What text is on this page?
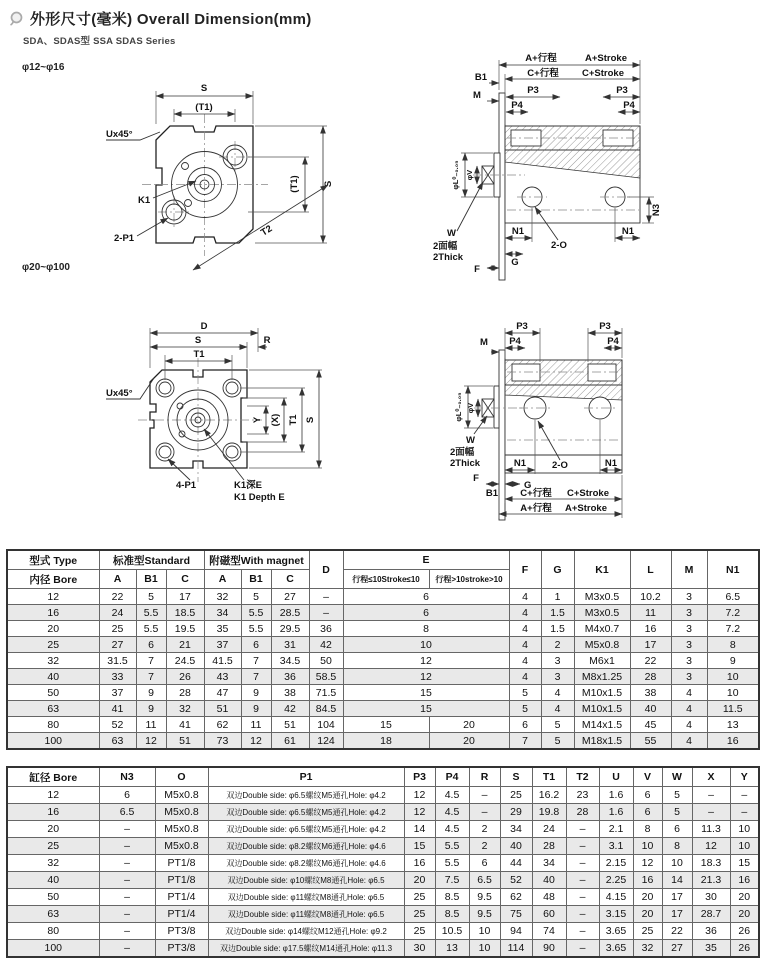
外形尺寸(毫米) Overall Dimension(mm)
SDA、SDAS型 SSA SDAS Series
φ12~φ16
φ20~φ100
S
(T1)
S
(T1)
T2
Ux45°
K1
2-P1
A+行程	A+Stroke
C+行程 C+Stroke
B1
M	P3	P3
P4	P4
φL⁰₋₀.₀₅ φV
N3
N1	N1
2-O
G
F
W
2面幅
2Thick
D
S
T1
R
Y (X) T1 S
Ux45°
4-P1	K1深E
K1 Depth E
P3	P3
P4	P4
M
φL⁰₋₀.₀₅ φV
W
2面幅
2Thick	N1	N1
2-O
F
G
B1 C+行程 C+Stroke
A+行程 A+Stroke
型式 Type	标准型Standard			附磁型With magnet			D	E		F	G	K1	L	M	N1
内径 Bore	A	B1	C	A	B1	C		行程≤10Stroke≤10	行程>10stroke>10						
12	22	5	17	32	5	27	–	6		4	1	M3x0.5	10.2	3	6.5
16	24	5.5	18.5	34	5.5	28.5	–	6		4	1.5	M3x0.5	11	3	7.2
20	25	5.5	19.5	35	5.5	29.5	36	8		4	1.5	M4x0.7	16	3	7.2
25	27	6	21	37	6	31	42	10		4	2	M5x0.8	17	3	8
32	31.5	7	24.5	41.5	7	34.5	50	12		4	3	M6x1	22	3	9
40	33	7	26	43	7	36	58.5	12		4	3	M8x1.25	28	3	10
50	37	9	28	47	9	38	71.5	15		5	4	M10x1.5	38	4	10
63	41	9	32	51	9	42	84.5	15		5	4	M10x1.5	40	4	11.5
80	52	11	41	62	11	51	104	15	20	6	5	M14x1.5	45	4	13
100	63	12	51	73	12	61	124	18	20	7	5	M18x1.5	55	4	16
缸径 Bore	N3	O	P1	P3	P4	R	S	T1	T2	U	V	W	X	Y
12	6	M5x0.8	双边Double side: φ6.5螺纹M5通孔Hole: φ4.2	12	4.5	–	25	16.2	23	1.6	6	5	–	–
16	6.5	M5x0.8	双边Double side: φ6.5螺纹M5通孔Hole: φ4.2	12	4.5	–	29	19.8	28	1.6	6	5	–	–
20	–	M5x0.8	双边Double side: φ6.5螺纹M5通孔Hole: φ4.2	14	4.5	2	34	24	–	2.1	8	6	11.3	10
25	–	M5x0.8	双边Double side: φ8.2螺纹M6通孔Hole: φ4.6	15	5.5	2	40	28	–	3.1	10	8	12	10
32	–	PT1/8	双边Double side: φ8.2螺纹M6通孔Hole: φ4.6	16	5.5	6	44	34	–	2.15	12	10	18.3	15
40	–	PT1/8	双边Double side: φ10螺纹M8通孔Hole: φ6.5	20	7.5	6.5	52	40	–	2.25	16	14	21.3	16
50	–	PT1/4	双边Double side: φ11螺纹M8通孔Hole: φ6.5	25	8.5	9.5	62	48	–	4.15	20	17	30	20
63	–	PT1/4	双边Double side: φ11螺纹M8通孔Hole: φ6.5	25	8.5	9.5	75	60	–	3.15	20	17	28.7	20
80	–	PT3/8	双边Double side: φ14螺纹M12通孔Hole: φ9.2	25	10.5	10	94	74	–	3.65	25	22	36	26
100	–	PT3/8	双边Double side: φ17.5螺纹M14通孔Hole: φ11.3	30	13	10	114	90	–	3.65	32	27	35	26
